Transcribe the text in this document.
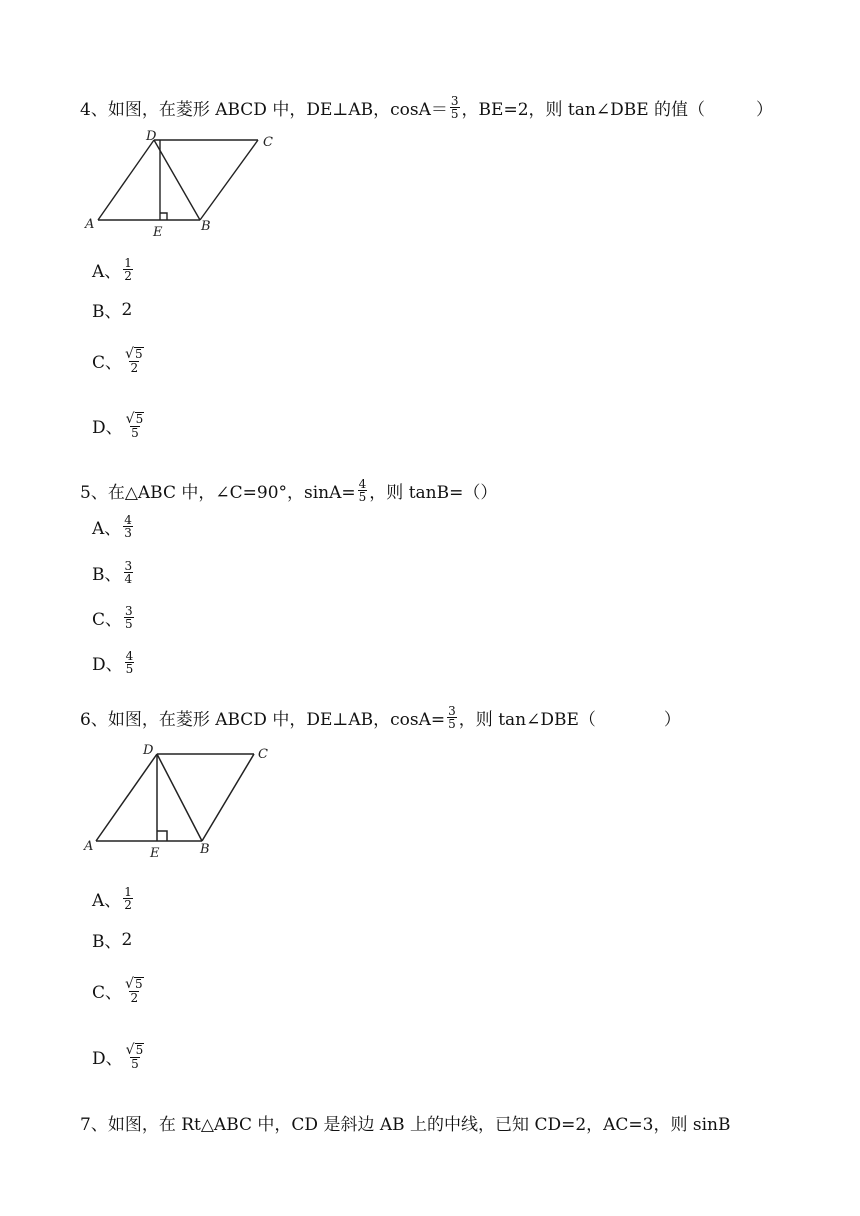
4、如图，在菱形 ABCD 中，DE⊥AB，$\cos A= \frac{3}{5}$ ，BE=2，则 tan∠DBE 的值（　　　）
D	C
A
E	B
A、 $\frac{1}{2}$
B、 2
C、 $\frac{√ 5}{2}$
D、 $\frac{√ 5}{5}$
5、在△ABC 中，∠C=90°，$\sin A= \frac{4}{5}$ ，则 tanB=（）
A、 $\frac{4}{3}$
B、 $\frac{3}{4}$
C、 $\frac{3}{5}$
D、 $\frac{4}{5}$
6、如图，在菱形 ABCD 中，DE⊥AB，$\cos A= \frac{3}{5}$ ，则 tan∠DBE（　　　　）
D	C
A	E	B
A、 $\frac{1}{2}$
B、 2
C、 $\frac{√ 5}{2}$
D、 $\frac{√ 5}{5}$
7、如图，在 Rt△ABC 中，CD 是斜边 AB 上的中线，已知 CD=2，AC=3，则 sinB
